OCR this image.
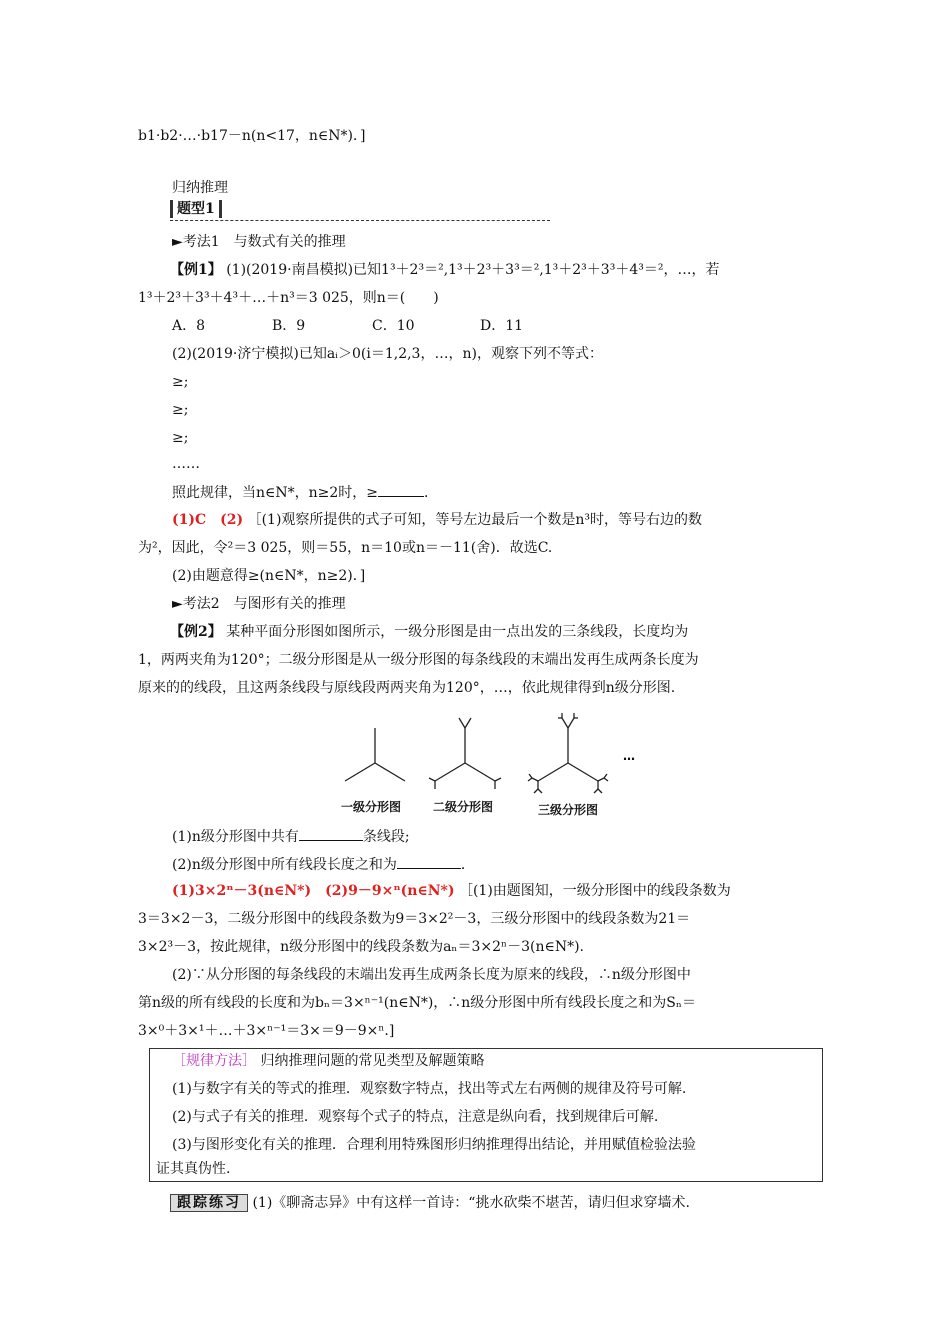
b1·b2·…·b17－n(n<17，n∈N*)．]
归纳推理
题型1
►考法1　与数式有关的推理
【例1】 (1)(2019·南昌模拟)已知1³＋2³＝²,1³＋2³＋3³＝²,1³＋2³＋3³＋4³＝²，…，若
1³＋2³＋3³＋4³＋…＋n³＝3 025，则n＝(　　)
A．8	B．9	C．10	D．11
(2)(2019·济宁模拟)已知aᵢ＞0(i＝1,2,3，…，n)，观察下列不等式：
≥;
≥;
≥;
……
照此规律，当n∈N*，n≥2时，≥	．
(1)C　(2) ［(1)观察所提供的式子可知，等号左边最后一个数是n³时，等号右边的数
为²，因此，令²＝3 025，则＝55，n＝10或n＝－11(舍)．故选C.
(2)由题意得≥(n∈N*，n≥2)．]
►考法2　与图形有关的推理
【例2】 某种平面分形图如图所示，一级分形图是由一点出发的三条线段，长度均为
1，两两夹角为120°；二级分形图是从一级分形图的每条线段的末端出发再生成两条长度为
原来的的线段，且这两条线段与原线段两两夹角为120°，…，依此规律得到n级分形图.
…
一级分形图	二级分形图	三级分形图
(1)n级分形图中共有	条线段;
(2)n级分形图中所有线段长度之和为	．
(1)3×2ⁿ－3(n∈N*)　(2)9－9×ⁿ(n∈N*) ［(1)由题图知，一级分形图中的线段条数为
3＝3×2－3，二级分形图中的线段条数为9＝3×2²－3，三级分形图中的线段条数为21＝
3×2³－3，按此规律，n级分形图中的线段条数为aₙ＝3×2ⁿ－3(n∈N*).
(2)∵从分形图的每条线段的末端出发再生成两条长度为原来的线段，∴n级分形图中
第n级的所有线段的长度和为bₙ＝3×ⁿ⁻¹(n∈N*)，∴n级分形图中所有线段长度之和为Sₙ＝
3×⁰＋3×¹＋…＋3×ⁿ⁻¹＝3×＝9－9×ⁿ.]
［规律方法］ 归纳推理问题的常见类型及解题策略
(1)与数字有关的等式的推理．观察数字特点，找出等式左右两侧的规律及符号可解.
(2)与式子有关的推理．观察每个式子的特点，注意是纵向看，找到规律后可解.
(3)与图形变化有关的推理．合理利用特殊图形归纳推理得出结论，并用赋值检验法验
证其真伪性.
跟踪练习 (1)《聊斋志异》中有这样一首诗：“挑水砍柴不堪苦，请归但求穿墙术.
